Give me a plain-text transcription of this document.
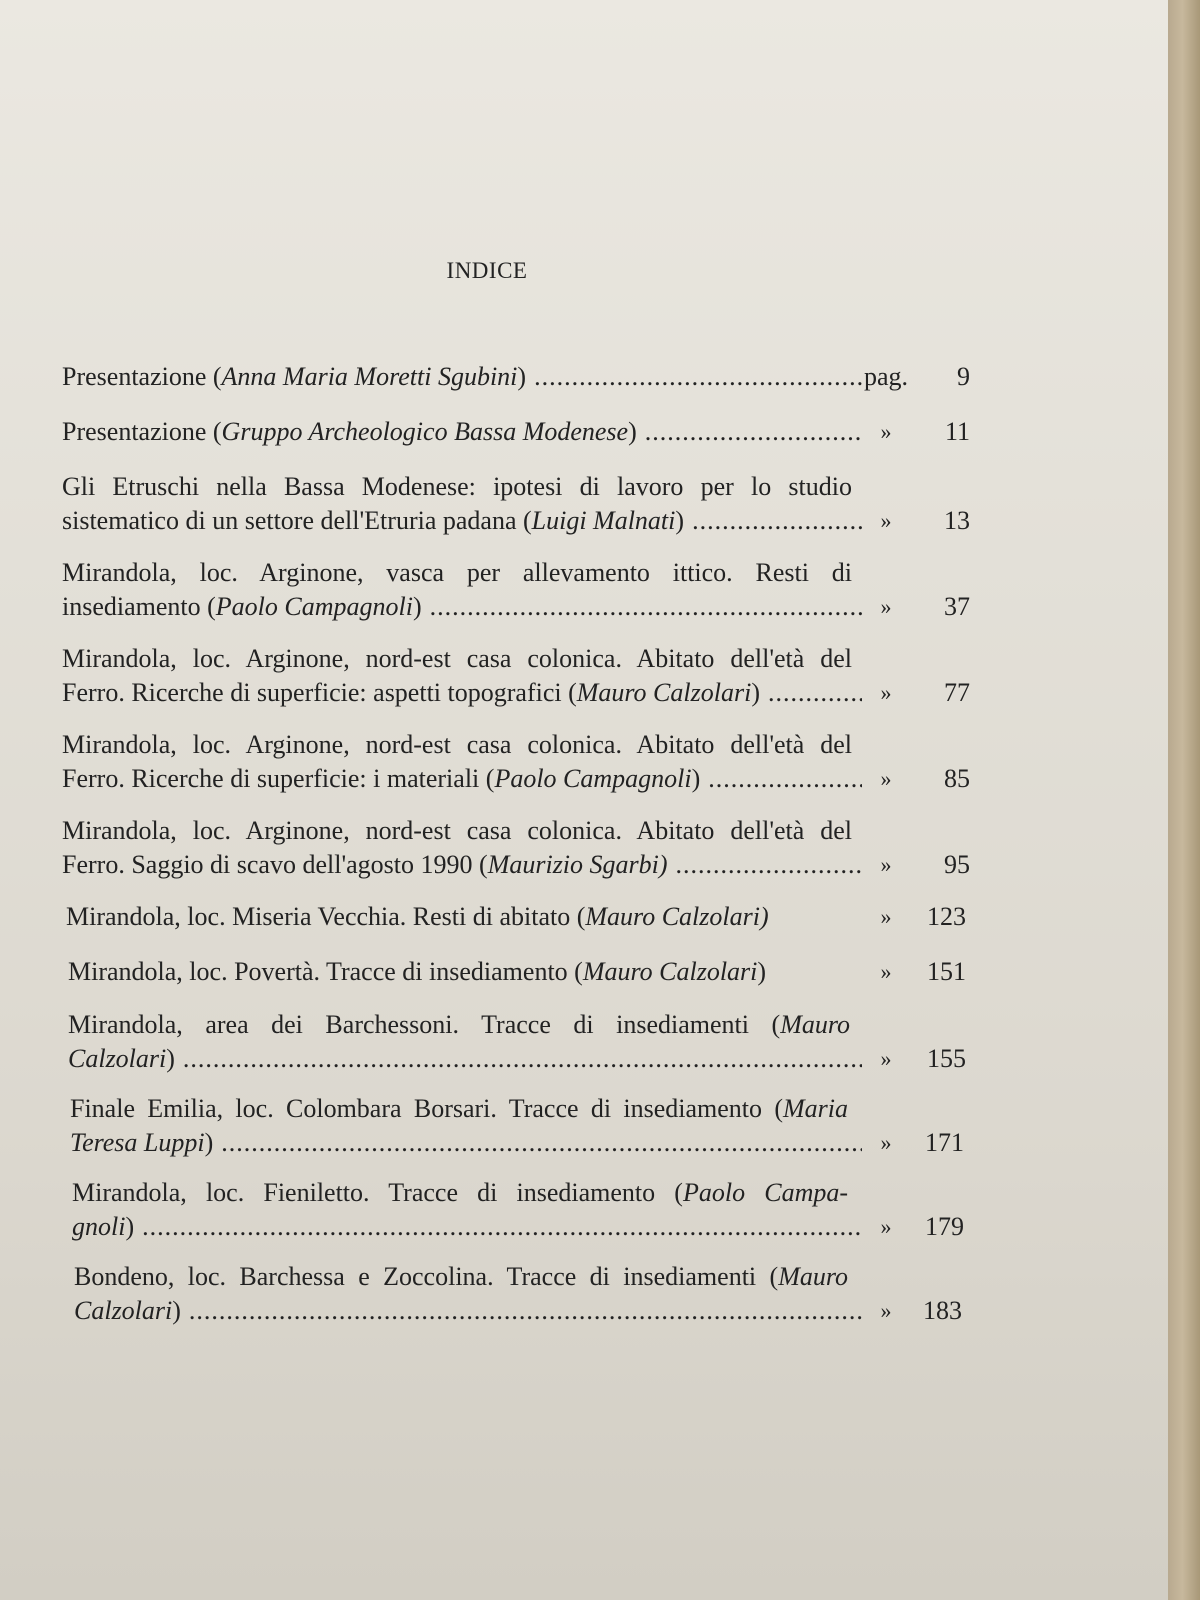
INDICE
Presentazione (Anna Maria Moretti Sgubini) .....	pag.	9
Presentazione (Gruppo Archeologico Bassa Modenese) .....	»	11
Gli Etruschi nella Bassa Modenese: ipotesi di lavoro per lo studio
sistematico di un settore dell'Etruria padana (Luigi Malnati) .....	»	13
Mirandola, loc. Arginone, vasca per allevamento ittico. Resti di
insediamento (Paolo Campagnoli) .....	»	37
Mirandola, loc. Arginone, nord-est casa colonica. Abitato dell'età del
Ferro. Ricerche di superficie: aspetti topografici (Mauro Calzolari) .....	»	77
Mirandola, loc. Arginone, nord-est casa colonica. Abitato dell'età del
Ferro. Ricerche di superficie: i materiali (Paolo Campagnoli) .....	»	85
Mirandola, loc. Arginone, nord-est casa colonica. Abitato dell'età del
Ferro. Saggio di scavo dell'agosto 1990 (Maurizio Sgarbi) .....	»	95
Mirandola, loc. Miseria Vecchia. Resti di abitato (Mauro Calzolari)	»	123
Mirandola, loc. Povertà. Tracce di insediamento (Mauro Calzolari)	»	151
Mirandola, area dei Barchessoni. Tracce di insediamenti (Mauro
Calzolari) .....	»	155
Finale Emilia, loc. Colombara Borsari. Tracce di insediamento (Maria
Teresa Luppi) .....	»	171
Mirandola, loc. Fieniletto. Tracce di insediamento (Paolo Campa-
gnoli) .....	»	179
Bondeno, loc. Barchessa e Zoccolina. Tracce di insediamenti (Mauro
Calzolari) .....	»	183
